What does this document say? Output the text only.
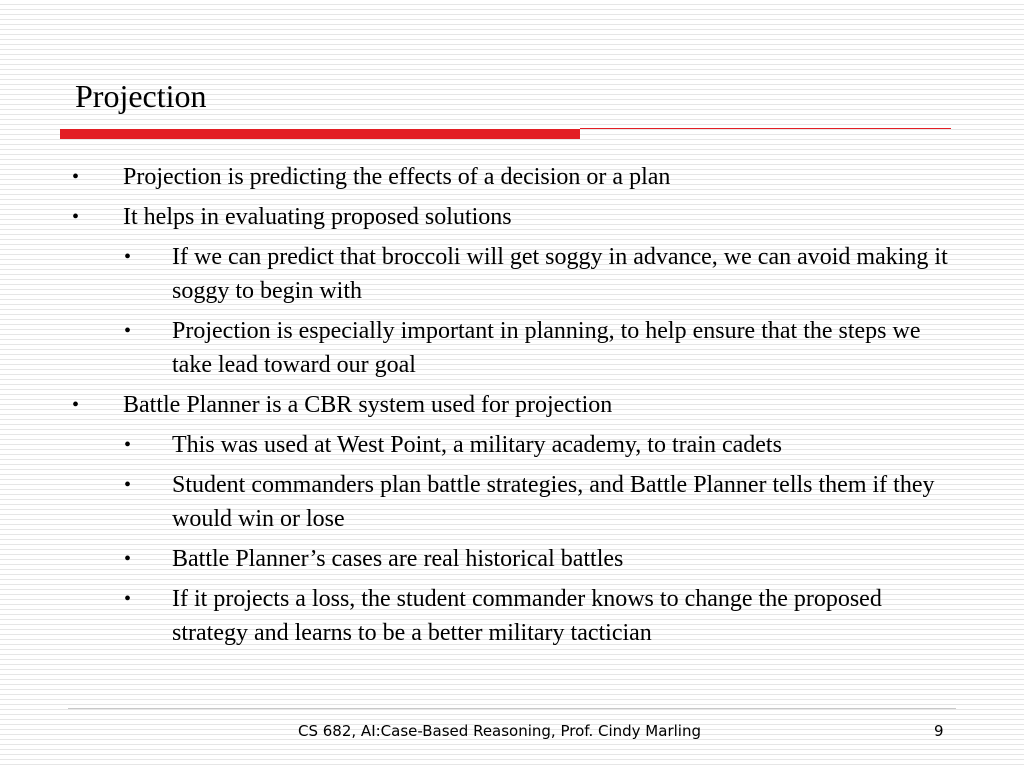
Projection
• Projection is predicting the effects of a decision or a plan
• It helps in evaluating proposed solutions
• If we can predict that broccoli will get soggy in advance, we can avoid making it soggy to begin with
• Projection is especially important in planning, to help ensure that the steps we take lead toward our goal
• Battle Planner is a CBR system used for projection
• This was used at West Point, a military academy, to train cadets
• Student commanders plan battle strategies, and Battle Planner tells them if they would win or lose
• Battle Planner’s cases are real historical battles
• If it projects a loss, the student commander knows to change the proposed strategy and learns to be a better military tactician
CS 682, AI:Case-Based Reasoning, Prof. Cindy Marling	9
